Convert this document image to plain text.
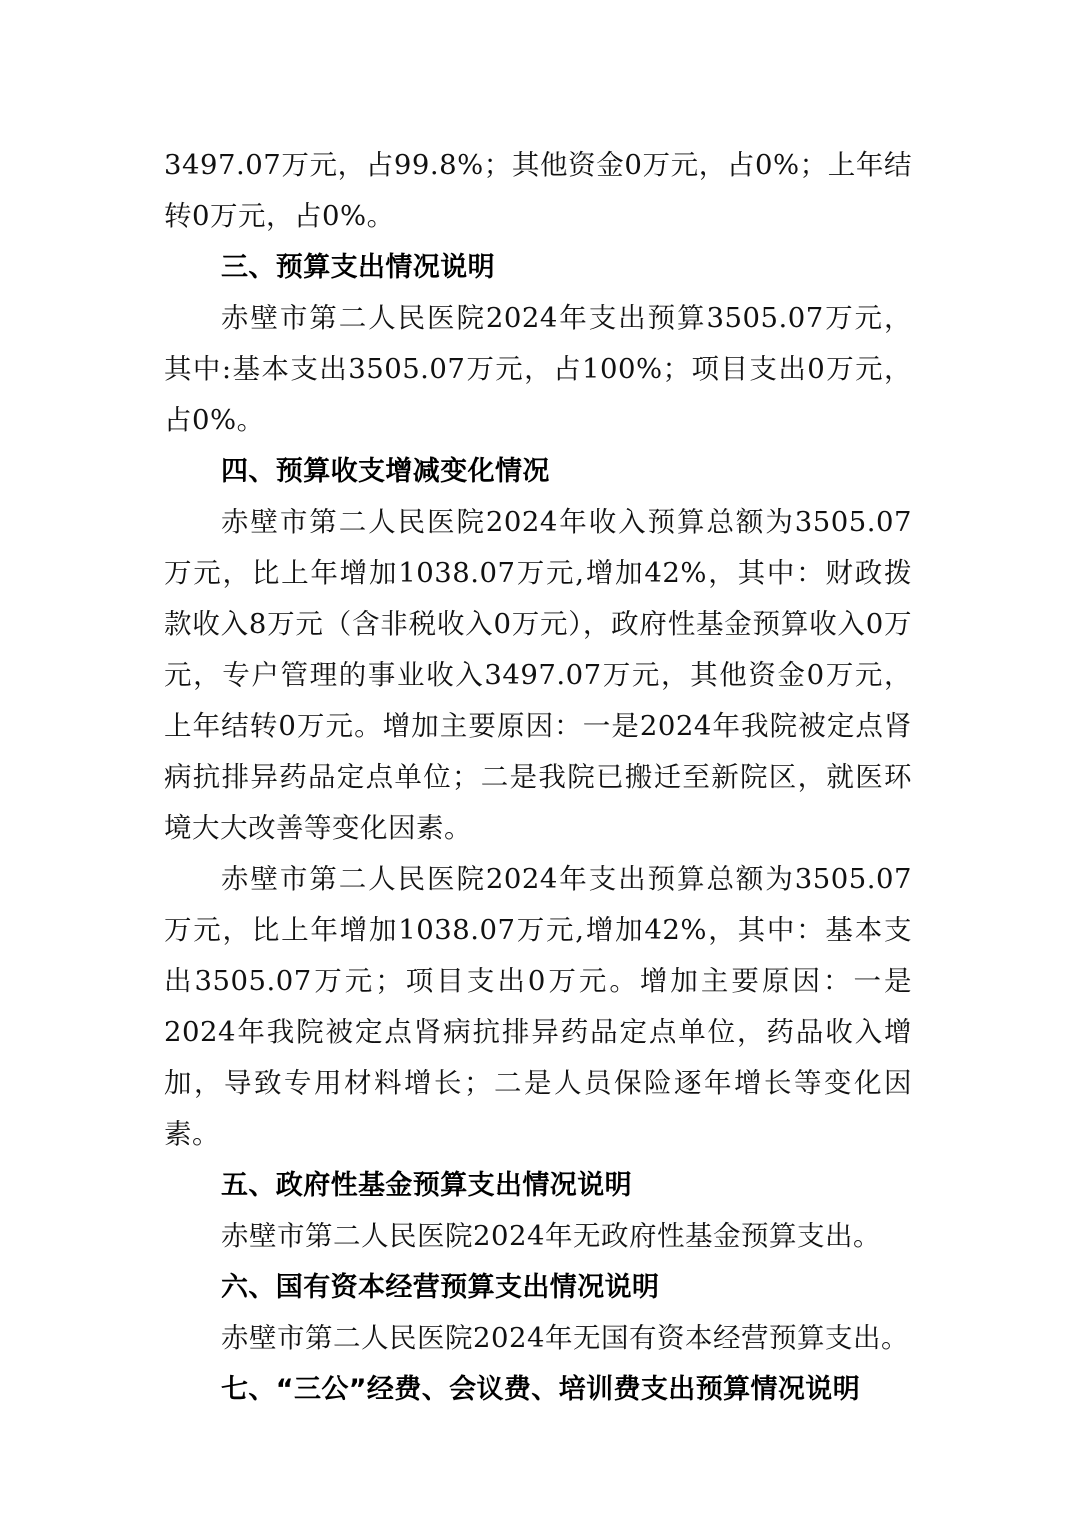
3497.07万元，占99.8%；其他资金0万元，占0%；上年结转0万元，占0%。

三、预算支出情况说明

赤壁市第二人民医院2024年支出预算3505.07万元，其中:基本支出3505.07万元，占100%；项目支出0万元，占0%。

四、预算收支增减变化情况

赤壁市第二人民医院2024年收入预算总额为3505.07万元，比上年增加1038.07万元,增加42%，其中：财政拨款收入8万元（含非税收入0万元），政府性基金预算收入0万元，专户管理的事业收入3497.07万元，其他资金0万元，上年结转0万元。增加主要原因：一是2024年我院被定点肾病抗排异药品定点单位；二是我院已搬迁至新院区，就医环境大大改善等变化因素。

赤壁市第二人民医院2024年支出预算总额为3505.07万元，比上年增加1038.07万元,增加42%，其中：基本支出3505.07万元；项目支出0万元。增加主要原因：一是2024年我院被定点肾病抗排异药品定点单位，药品收入增加，导致专用材料增长；二是人员保险逐年增长等变化因素。

五、政府性基金预算支出情况说明

赤壁市第二人民医院2024年无政府性基金预算支出。

六、国有资本经营预算支出情况说明

赤壁市第二人民医院2024年无国有资本经营预算支出。

七、“三公”经费、会议费、培训费支出预算情况说明
